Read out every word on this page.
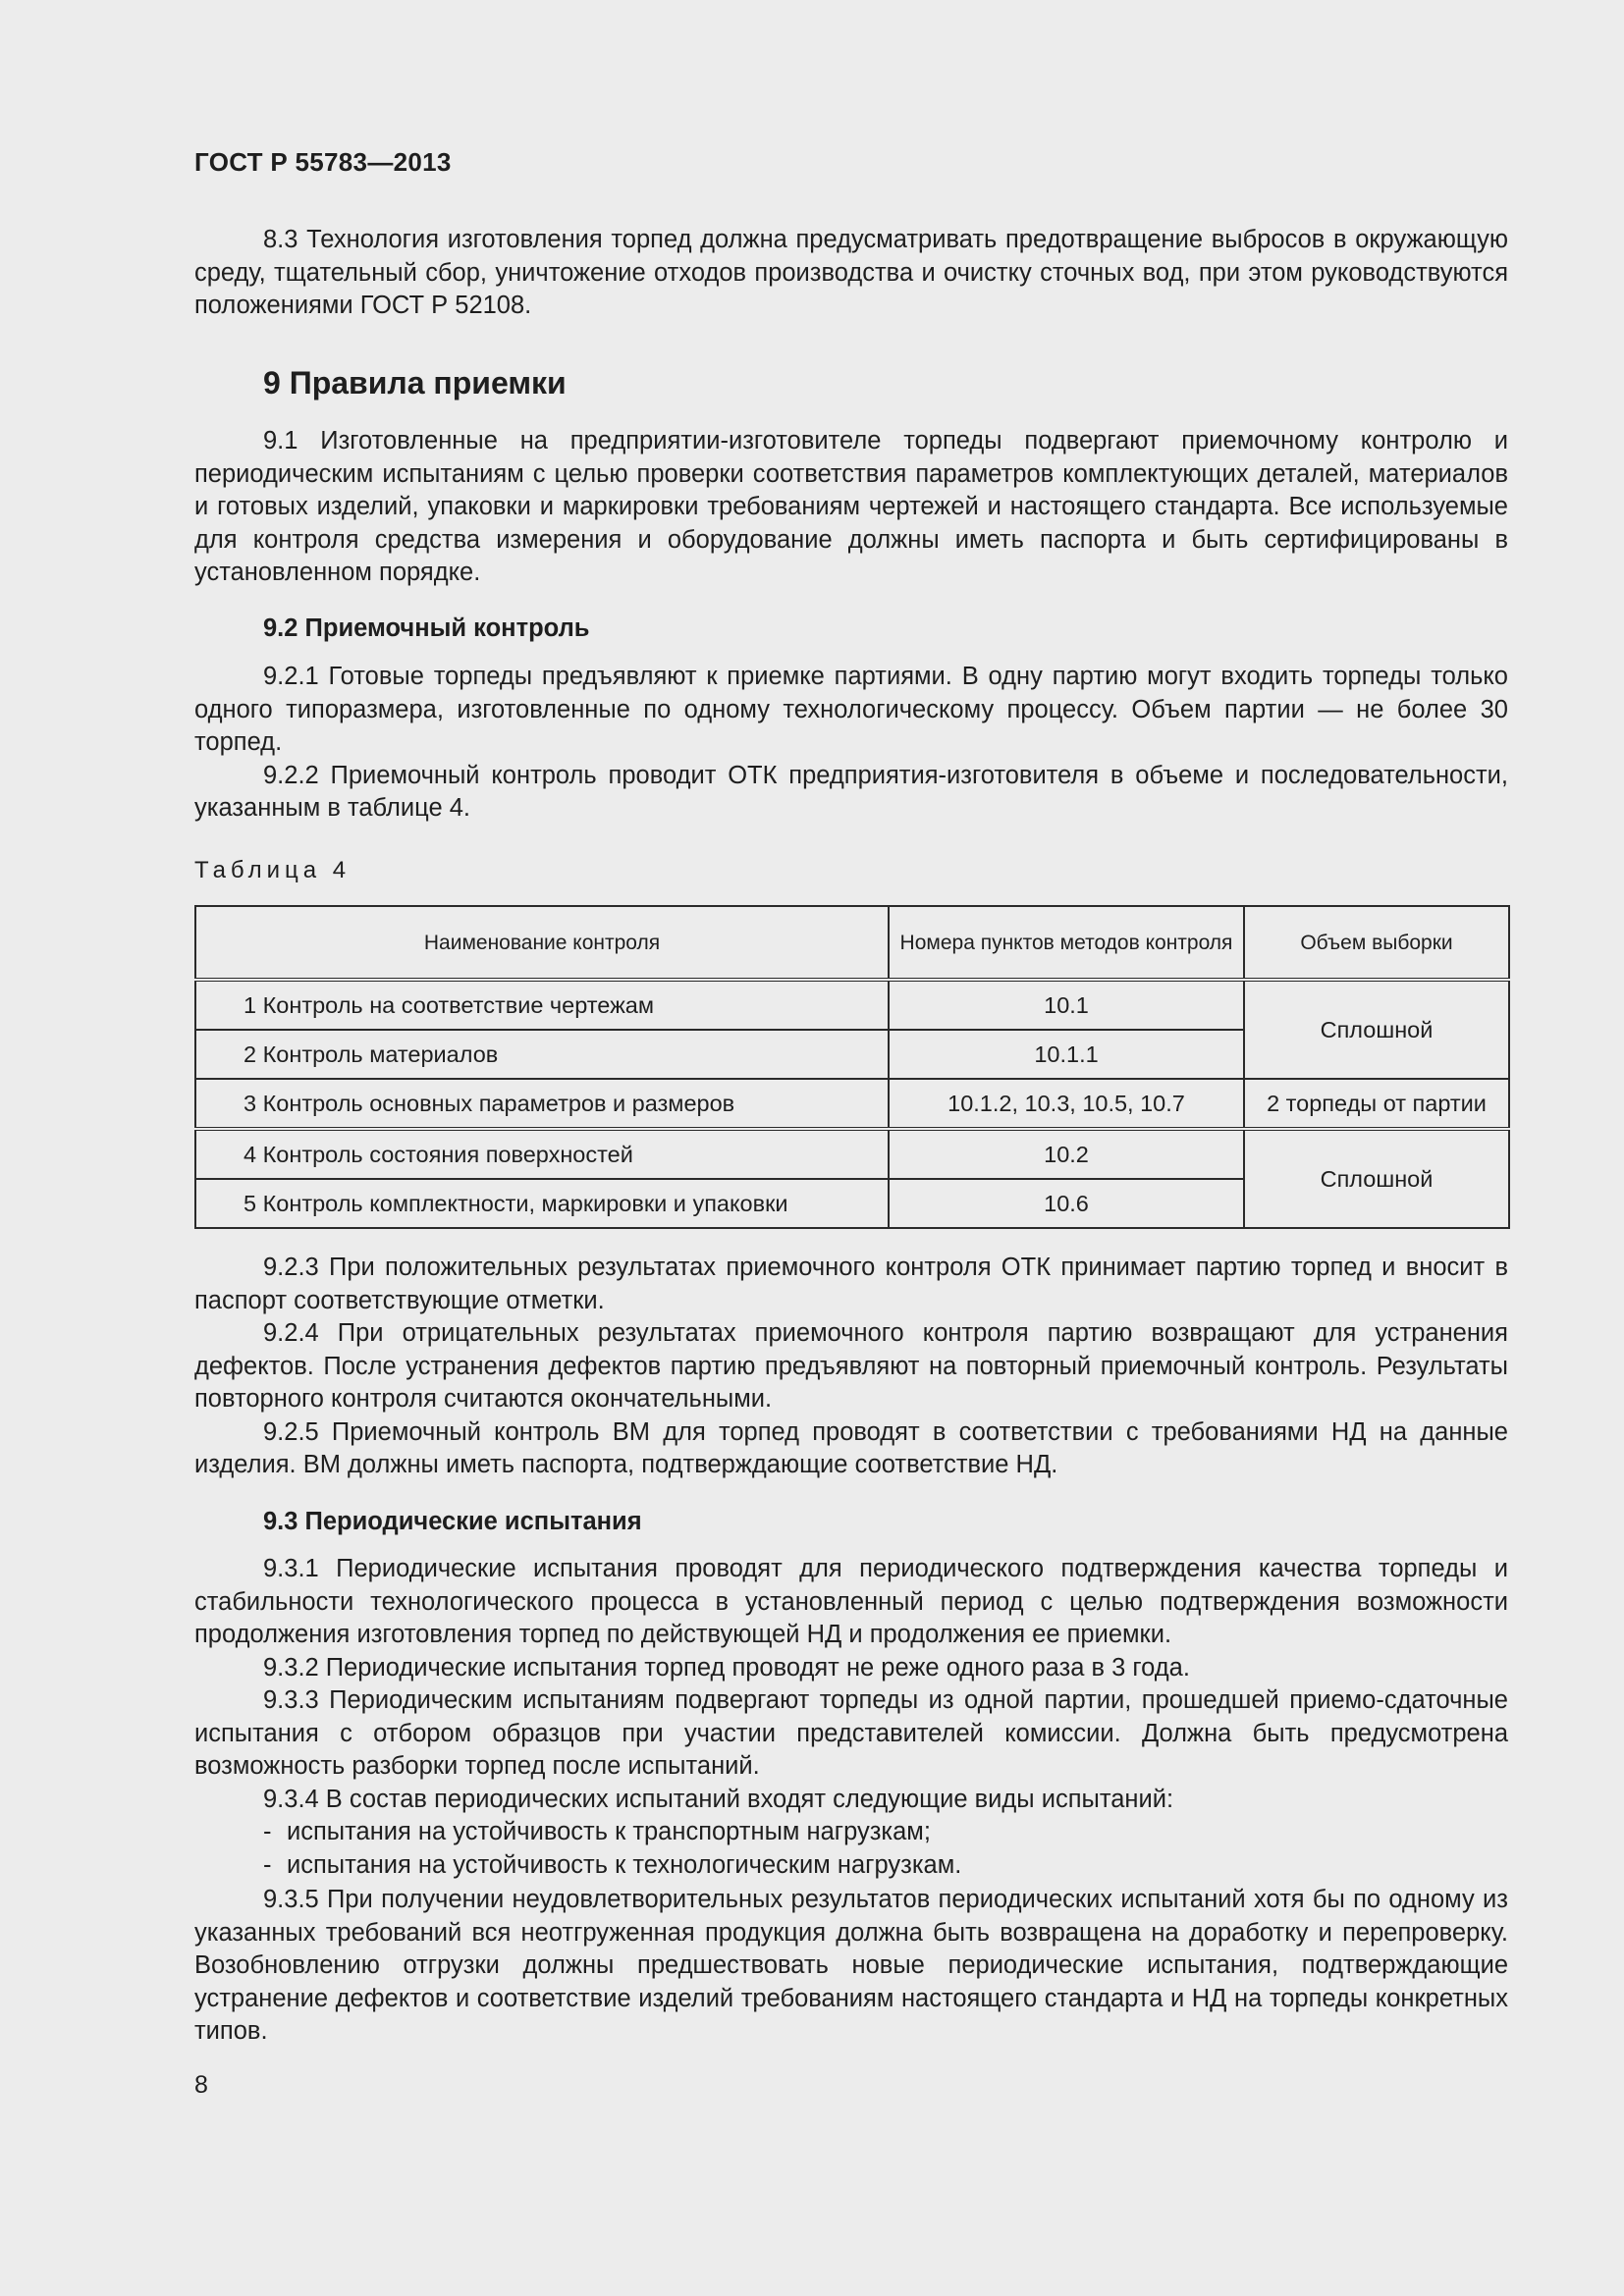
ГОСТ Р 55783—2013

8.3 Технология изготовления торпед должна предусматривать предотвращение выбросов в окружающую среду, тщательный сбор, уничтожение отходов производства и очистку сточных вод, при этом руководствуются положениями ГОСТ Р 52108.

9 Правила приемки

9.1 Изготовленные на предприятии-изготовителе торпеды подвергают приемочному контролю и периодическим испытаниям с целью проверки соответствия параметров комплектующих деталей, материалов и готовых изделий, упаковки и маркировки требованиям чертежей и настоящего стандарта. Все используемые для контроля средства измерения и оборудование должны иметь паспорта и быть сертифицированы в установленном порядке.

9.2 Приемочный контроль

9.2.1 Готовые торпеды предъявляют к приемке партиями. В одну партию могут входить торпеды только одного типоразмера, изготовленные по одному технологическому процессу. Объем партии — не более 30 торпед.

9.2.2 Приемочный контроль проводит ОТК предприятия-изготовителя в объеме и последовательности, указанным в таблице 4.

Таблица 4

Наименование контроля	Номера пунктов методов контроля	Объем выборки
1 Контроль на соответствие чертежам	10.1	Сплошной
2 Контроль материалов	10.1.1	
3 Контроль основных параметров и размеров	10.1.2, 10.3, 10.5, 10.7	2 торпеды от партии
4 Контроль состояния поверхностей	10.2	Сплошной
5 Контроль комплектности, маркировки и упаковки	10.6	

9.2.3 При положительных результатах приемочного контроля ОТК принимает партию торпед и вносит в паспорт соответствующие отметки.

9.2.4 При отрицательных результатах приемочного контроля партию возвращают для устранения дефектов. После устранения дефектов партию предъявляют на повторный приемочный контроль. Результаты повторного контроля считаются окончательными.

9.2.5 Приемочный контроль ВМ для торпед проводят в соответствии с требованиями НД на данные изделия. ВМ должны иметь паспорта, подтверждающие соответствие НД.

9.3 Периодические испытания

9.3.1 Периодические испытания проводят для периодического подтверждения качества торпеды и стабильности технологического процесса в установленный период с целью подтверждения возможности продолжения изготовления торпед по действующей НД и продолжения ее приемки.

9.3.2 Периодические испытания торпед проводят не реже одного раза в 3 года.

9.3.3 Периодическим испытаниям подвергают торпеды из одной партии, прошедшей приемо-сдаточные испытания с отбором образцов при участии представителей комиссии. Должна быть предусмотрена возможность разборки торпед после испытаний.

9.3.4 В состав периодических испытаний входят следующие виды испытаний:

- испытания на устойчивость к транспортным нагрузкам;

- испытания на устойчивость к технологическим нагрузкам.

9.3.5 При получении неудовлетворительных результатов периодических испытаний хотя бы по одному из указанных требований вся неотгруженная продукция должна быть возвращена на доработку и перепроверку. Возобновлению отгрузки должны предшествовать новые периодические испытания, подтверждающие устранение дефектов и соответствие изделий требованиям настоящего стандарта и НД на торпеды конкретных типов.

8
